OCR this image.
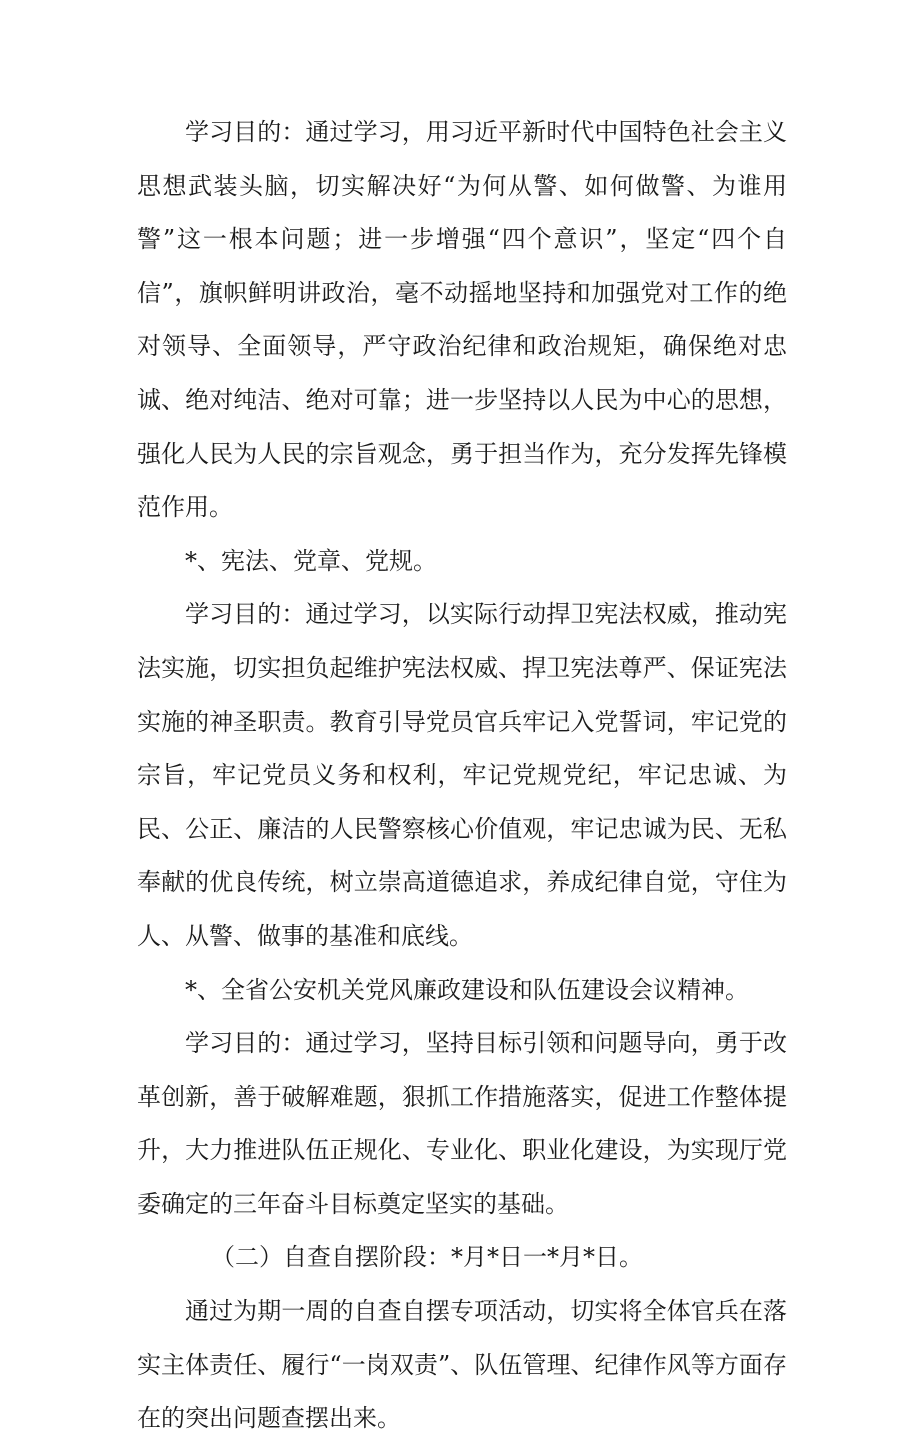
学习目的：通过学习，用习近平新时代中国特色社会主义思想武装头脑，切实解决好“为何从警、如何做警、为谁用警”这一根本问题；进一步增强“四个意识”，坚定“四个自信”，旗帜鲜明讲政治，毫不动摇地坚持和加强党对工作的绝对领导、全面领导，严守政治纪律和政治规矩，确保绝对忠诚、绝对纯洁、绝对可靠；进一步坚持以人民为中心的思想，强化人民为人民的宗旨观念，勇于担当作为，充分发挥先锋模范作用。

*、宪法、党章、党规。

学习目的：通过学习，以实际行动捍卫宪法权威，推动宪法实施，切实担负起维护宪法权威、捍卫宪法尊严、保证宪法实施的神圣职责。教育引导党员官兵牢记入党誓词，牢记党的宗旨，牢记党员义务和权利，牢记党规党纪，牢记忠诚、为民、公正、廉洁的人民警察核心价值观，牢记忠诚为民、无私奉献的优良传统，树立崇高道德追求，养成纪律自觉，守住为人、从警、做事的基准和底线。

*、全省公安机关党风廉政建设和队伍建设会议精神。

学习目的：通过学习，坚持目标引领和问题导向，勇于改革创新，善于破解难题，狠抓工作措施落实，促进工作整体提升，大力推进队伍正规化、专业化、职业化建设，为实现厅党委确定的三年奋斗目标奠定坚实的基础。

（二）自查自摆阶段：*月*日一*月*日。

通过为期一周的自查自摆专项活动，切实将全体官兵在落实主体责任、履行“一岗双责”、队伍管理、纪律作风等方面存在的突出问题查摆出来。
